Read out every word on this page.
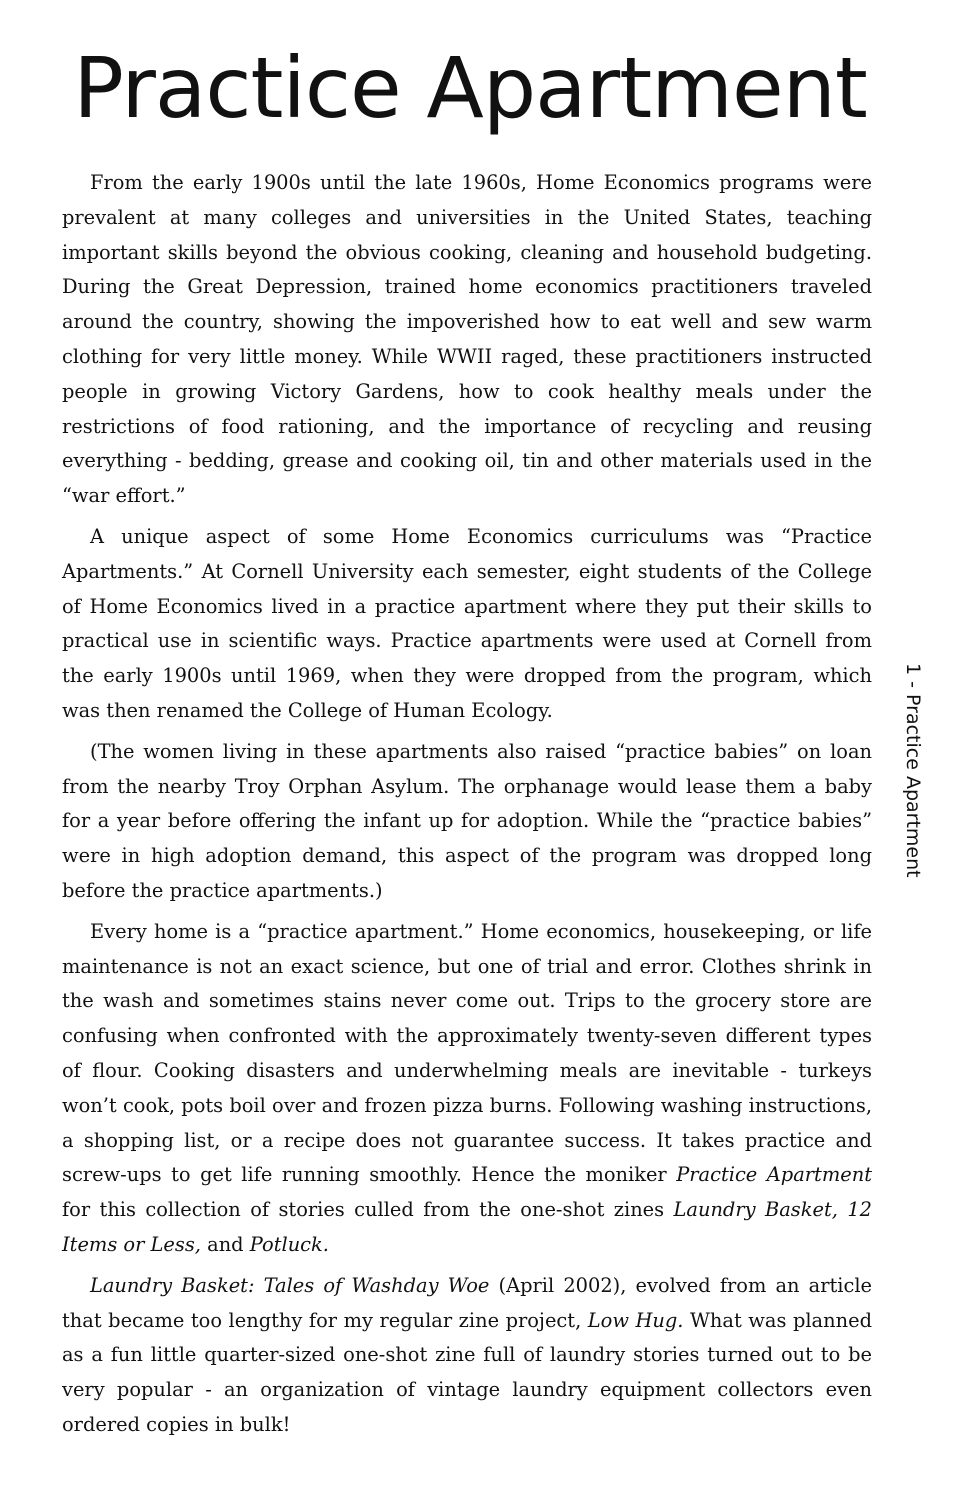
Practice Apartment

From the early 1900s until the late 1960s, Home Economics programs were prevalent at many colleges and universities in the United States, teaching important skills beyond the obvious cooking, cleaning and household budgeting. During the Great Depression, trained home economics practitioners traveled around the country, showing the impoverished how to eat well and sew warm clothing for very little money. While WWII raged, these practitioners instructed people in growing Victory Gardens, how to cook healthy meals under the restrictions of food rationing, and the importance of recycling and reusing everything - bedding, grease and cooking oil, tin and other materials used in the “war effort.”

A unique aspect of some Home Economics curriculums was “Practice Apartments.” At Cornell University each semester, eight students of the College of Home Economics lived in a practice apartment where they put their skills to practical use in scientific ways. Practice apartments were used at Cornell from the early 1900s until 1969, when they were dropped from the program, which was then renamed the College of Human Ecology.

(The women living in these apartments also raised “practice babies” on loan from the nearby Troy Orphan Asylum. The orphanage would lease them a baby for a year before offering the infant up for adoption. While the “practice babies” were in high adoption demand, this aspect of the program was dropped long before the practice apartments.)

Every home is a “practice apartment.” Home economics, housekeeping, or life maintenance is not an exact science, but one of trial and error. Clothes shrink in the wash and sometimes stains never come out. Trips to the grocery store are confusing when confronted with the approximately twenty-seven different types of flour. Cooking disasters and underwhelming meals are inevitable - turkeys won’t cook, pots boil over and frozen pizza burns. Following washing instructions, a shopping list, or a recipe does not guarantee success. It takes practice and screw-ups to get life running smoothly. Hence the moniker Practice Apartment for this collection of stories culled from the one-shot zines Laundry Basket, 12 Items or Less, and Potluck.

Laundry Basket: Tales of Washday Woe (April 2002), evolved from an article that became too lengthy for my regular zine project, Low Hug. What was planned as a fun little quarter-sized one-shot zine full of laundry stories turned out to be very popular - an organization of vintage laundry equipment collectors even ordered copies in bulk!

1 - Practice Apartment
